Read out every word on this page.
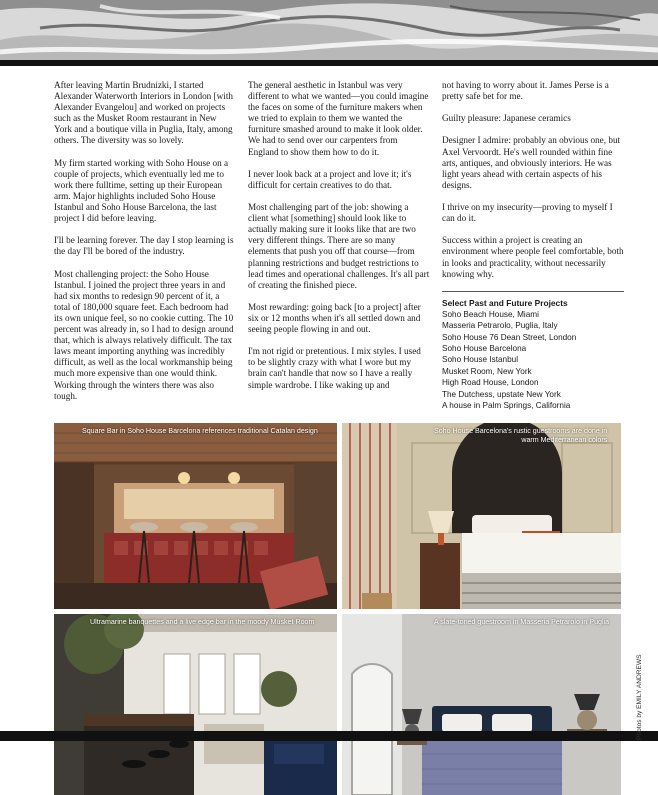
After leaving Martin Brudnizki, I started Alexander Waterworth Interiors in London [with Alexander Evangelou] and worked on projects such as the Musket Room restaurant in New York and a boutique villa in Puglia, Italy, among others. The diversity was so lovely.

My firm started working with Soho House on a couple of projects, which eventually led me to work there fulltime, setting up their European arm. Major highlights included Soho House Istanbul and Soho House Barcelona, the last project I did before leaving.

I'll be learning forever. The day I stop learning is the day I'll be bored of the industry.

Most challenging project: the Soho House Istanbul. I joined the project three years in and had six months to redesign 90 percent of it, a total of 180,000 square feet. Each bedroom had its own unique feel, so no cookie cutting. The 10 percent was already in, so I had to design around that, which is always relatively difficult. The tax laws meant importing anything was incredibly difficult, as well as the local workmanship being much more expensive than one would think. Working through the winters there was also tough.

The general aesthetic in Istanbul was very different to what we wanted—you could imagine the faces on some of the furniture makers when we tried to explain to them we wanted the furniture smashed around to make it look older. We had to send over our carpenters from England to show them how to do it.

I never look back at a project and love it; it's difficult for certain creatives to do that.

Most challenging part of the job: showing a client what [something] should look like to actually making sure it looks like that are two very different things. There are so many elements that push you off that course—from planning restrictions and budget restrictions to lead times and operational challenges. It's all part of creating the finished piece.

Most rewarding: going back [to a project] after six or 12 months when it's all settled down and seeing people flowing in and out.

I'm not rigid or pretentious. I mix styles. I used to be slightly crazy with what I wore but my brain can't handle that now so I have a really simple wardrobe. I like waking up and

not having to worry about it. James Perse is a pretty safe bet for me.

Guilty pleasure: Japanese ceramics

Designer I admire: probably an obvious one, but Axel Vervoordt. He's well rounded within fine arts, antiques, and obviously interiors. He was light years ahead with certain aspects of his designs.

I thrive on my insecurity—proving to myself I can do it.

Success within a project is creating an environment where people feel comfortable, both in looks and practicality, without necessarily knowing why.

Select Past and Future Projects
Soho Beach House, Miami
Masseria Petrarolo, Puglia, Italy
Soho House 76 Dean Street, London
Soho House Barcelona
Soho House Istanbul
Musket Room, New York
High Road House, London
The Dutchess, upstate New York
A house in Palm Springs, California
Square Bar in Soho House Barcelona references traditional Catalan design	Soho House Barcelona's rustic guestrooms are done in
warm Mediterranean colors
Ultramarine banquettes and a live edge bar in the moody Musket Room	A slate-toned guestroom in Masseria Petrarolo in Puglia
Photos by EMILY ANDREWS
